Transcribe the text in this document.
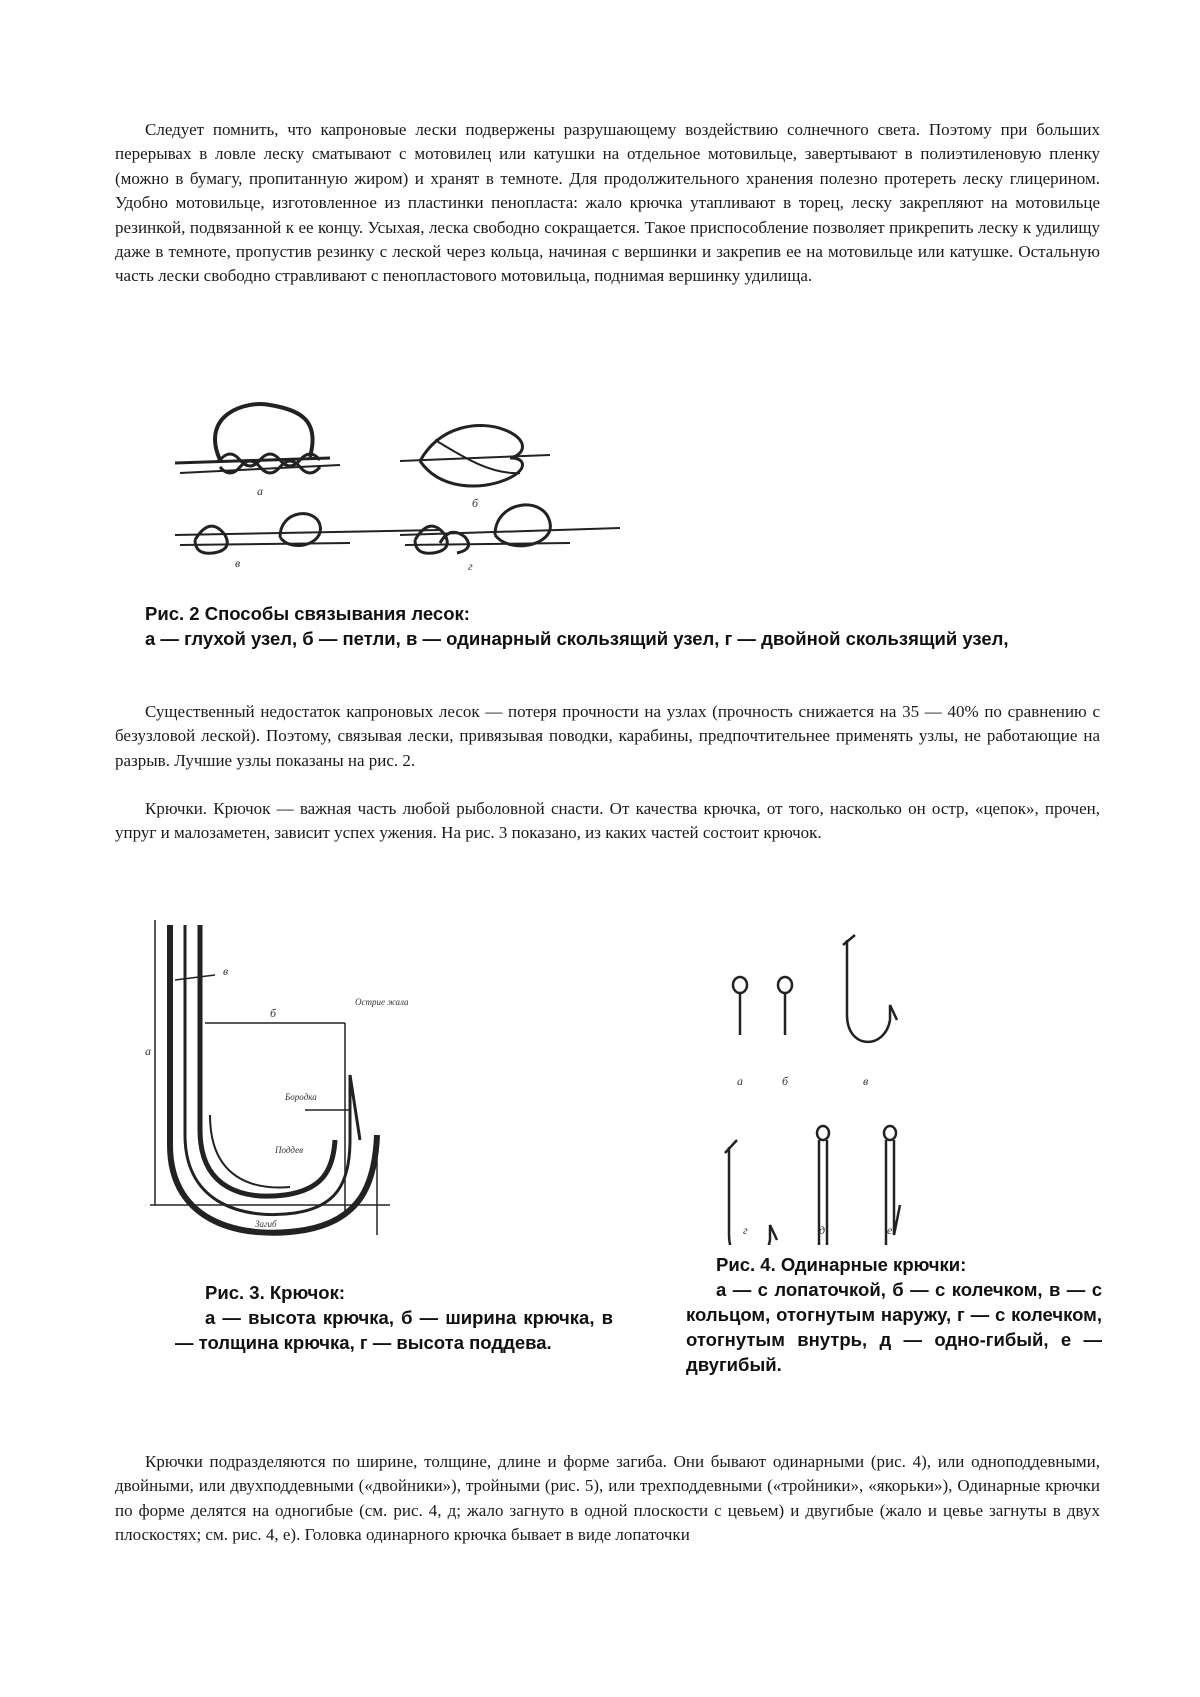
Следует помнить, что капроновые лески подвержены разрушающему воздействию солнечного света. Поэтому при больших перерывах в ловле леску сматывают с мотовилец или катушки на отдельное мотовильце, завертывают в полиэтиленовую пленку (можно в бумагу, пропитанную жиром) и хранят в темноте. Для продолжительного хранения полезно протереть леску глицерином. Удобно мотовильце, изготовленное из пластинки пенопласта: жало крючка утапливают в торец, леску закрепляют на мотовильце резинкой, подвязанной к ее концу. Усыхая, леска свободно сокращается. Такое приспособление позволяет прикрепить леску к удилищу даже в темноте, пропустив резинку с леской через кольца, начиная с вершинки и закрепив ее на мотовильце или катушке. Остальную часть лески свободно стравливают с пенопластового мотовильца, поднимая вершинку удилища.

а
б
в	г
Рис. 2 Способы связывания лесок:
а — глухой узел, б — петли, в — одинарный скользящий узел, г — двойной скользящий узел,

Существенный недостаток капроновых лесок — потеря прочности на узлах (прочность снижается на 35 — 40% по сравнению с безузловой леской). Поэтому, связывая лески, привязывая поводки, карабины, предпочтительнее применять узлы, не работающие на разрыв. Лучшие узлы показаны на рис. 2.

Крючки. Крючок — важная часть любой рыболовной снасти. От качества крючка, от того, насколько он остр, «цепок», прочен, упруг и малозаметен, зависит успех ужения. На рис. 3 показано, из каких частей состоит крючок.

в
б
а
Острие жала
Бородка
Поддев
Загиб
Рис. 3. Крючок:
а — высота крючка, б — ширина крючка, в — толщина крючка, г — высота поддева.
а	б	в
г	д	е
Рис. 4. Одинарные крючки:
а — с лопаточкой, б — с колечком, в — с кольцом, отогнутым наружу, г — с колечком, отогнутым внутрь, д — одно-гибый, е — двугибый.

Крючки подразделяются по ширине, толщине, длине и форме загиба. Они бывают одинарными (рис. 4), или одноподдевными, двойными, или двухподдевными («двойники»), тройными (рис. 5), или трехподдевными («тройники», «якорьки»), Одинарные крючки по форме делятся на одногибые (см. рис. 4, д; жало загнуто в одной плоскости с цевьем) и двугибые (жало и цевье загнуты в двух плоскостях; см. рис. 4, е). Головка одинарного крючка бывает в виде лопаточки
